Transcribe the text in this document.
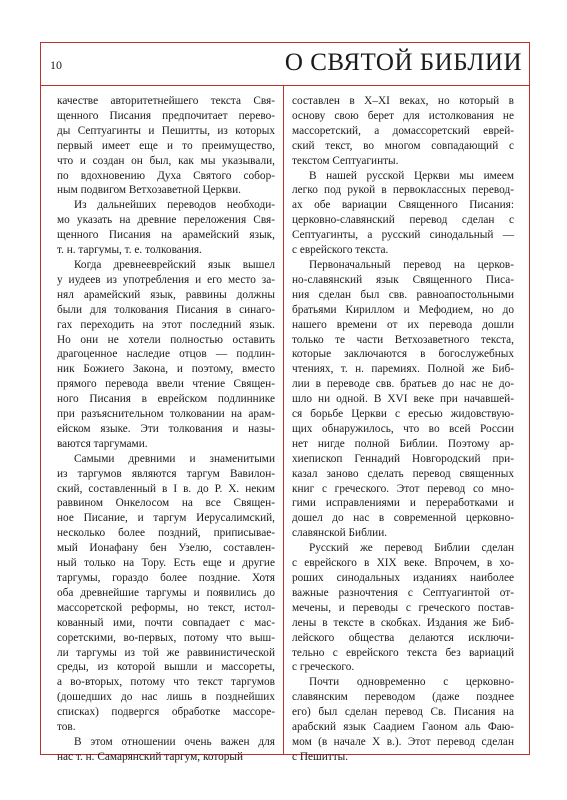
10	О СВЯТОЙ БИБЛИИ
качестве авторитетнейшего текста Свя-
щенного Писания предпочитает перево-
ды Септуагинты и Пешитты, из которых
первый имеет еще и то преимущество,
что и создан он был, как мы указывали,
по вдохновению Духа Святого собор-
ным подвигом Ветхозаветной Церкви.
  Из дальнейших переводов необходи-
мо указать на древние переложения Свя-
щенного Писания на арамейский язык,
т. н. таргумы, т. е. толкования.
  Когда древнееврейский язык вышел
у иудеев из употребления и его место за-
нял арамейский язык, раввины должны
были для толкования Писания в синаго-
гах переходить на этот последний язык.
Но они не хотели полностью оставить
драгоценное наследие отцов — подлин-
ник Божиего Закона, и поэтому, вместо
прямого перевода ввели чтение Священ-
ного Писания в еврейском подлиннике
при разъяснительном толковании на арам-
ейском языке. Эти толкования и назы-
ваются таргумами.
  Самыми древними и знаменитыми
из таргумов являются таргум Вавилон-
ский, составленный в I в. до Р. Х. неким
раввином Онкелосом на все Священ-
ное Писание, и таргум Иерусалимский,
несколько более поздний, приписывае-
мый Ионафану бен Узелю, составлен-
ный только на Тору. Есть еще и другие
таргумы, гораздо более поздние. Хотя
оба древнейшие таргумы и появились до
массоретской реформы, но текст, истол-
кованный ими, почти совпадает с мас-
соретскими, во-первых, потому что выш-
ли таргумы из той же раввинистической
среды, из которой вышли и массореты,
а во-вторых, потому что текст таргумов
(дошедших до нас лишь в позднейших
списках) подвергся обработке массоре-
тов.
  В этом отношении очень важен для
нас т. н. Самарянский таргум, который
составлен в X–XI веках, но который в
основу свою берет для истолкования не
массоретский, а домассоретский еврей-
ский текст, во многом совпадающий с
текстом Септуагинты.
  В нашей русской Церкви мы имеем
легко под рукой в первоклассных перевод-
ах обе вариации Священного Писания:
церковно-славянский перевод сделан с
Септуагинты, а русский синодальный —
с еврейского текста.
  Первоначальный перевод на церков-
но-славянский язык Священного Писа-
ния сделан был свв. равноапостольными
братьями Кириллом и Мефодием, но до
нашего времени от их перевода дошли
только те части Ветхозаветного текста,
которые заключаются в богослужебных
чтениях, т. н. паремиях. Полной же Биб-
лии в переводе свв. братьев до нас не до-
шло ни одной. В XVI веке при начавшей-
ся борьбе Церкви с ересью жидовствую-
щих обнаружилось, что во всей России
нет нигде полной Библии. Поэтому ар-
хиепископ Геннадий Новгородский при-
казал заново сделать перевод священных
книг с греческого. Этот перевод со мно-
гими исправлениями и переработками и
дошел до нас в современной церковно-
славянской Библии.
  Русский же перевод Библии сделан
с еврейского в XIX веке. Впрочем, в хо-
роших синодальных изданиях наиболее
важные разночтения с Септуагинтой от-
мечены, и переводы с греческого постав-
лены в тексте в скобках. Издания же Биб-
лейского общества делаются исключи-
тельно с еврейского текста без вариаций
с греческого.
  Почти одновременно с церковно-
славянским переводом (даже позднее
его) был сделан перевод Св. Писания на
арабский язык Саадием Гаоном аль Фаю-
мом (в начале X в.). Этот перевод сделан
с Пешитты.
